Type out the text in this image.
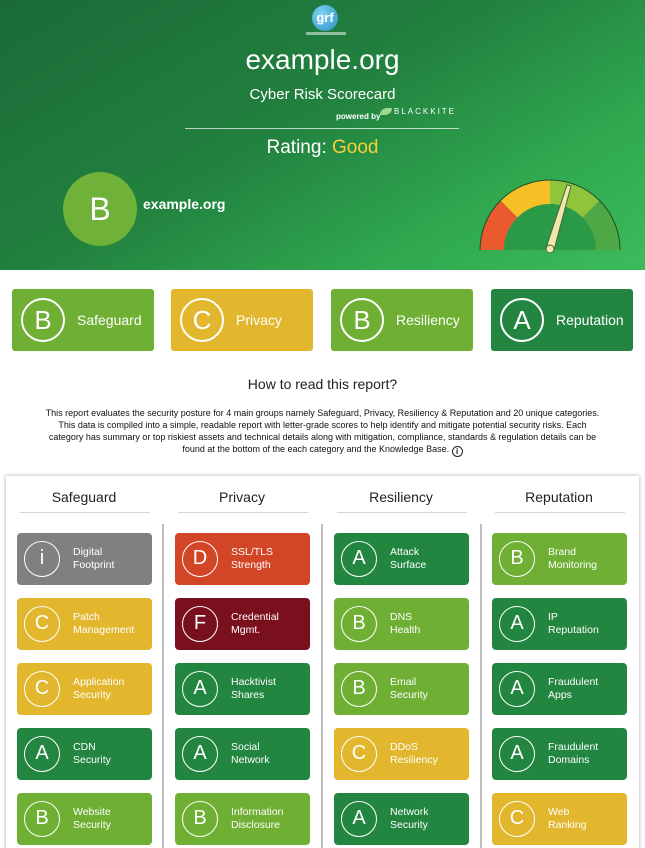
grf
example.org
Cyber Risk Scorecard
powered by
BLACKKITE
Rating: Good
B	example.org
B	Safeguard	C	Privacy	B	Resiliency	A	Reputation
How to read this report?
This report evaluates the security posture for 4 main groups namely Safeguard, Privacy, Resiliency & Reputation and 20 unique categories.
This data is compiled into a simple, readable report with letter-grade scores to help identify and mitigate potential security risks. Each
category has summary or top riskiest assets and technical details along with mitigation, compliance, standards & regulation details can be
found at the bottom of the each category and the Knowledge Base. i
Safeguard	Privacy	Resiliency	Reputation
i	Digital
Footprint
C	Patch
Management
C	Application
Security
A	CDN
Security
B	Website
Security
D	SSL/TLS
Strength
F	Credential
Mgmt.
A	Hacktivist
Shares
A	Social
Network
B	Information
Disclosure
A	Attack
Surface
B	DNS
Health
B	Email
Security
C	DDoS
Resiliency
A	Network
Security
B	Brand
Monitoring
A	IP
Reputation
A	Fraudulent
Apps
A	Fraudulent
Domains
C	Web
Ranking
